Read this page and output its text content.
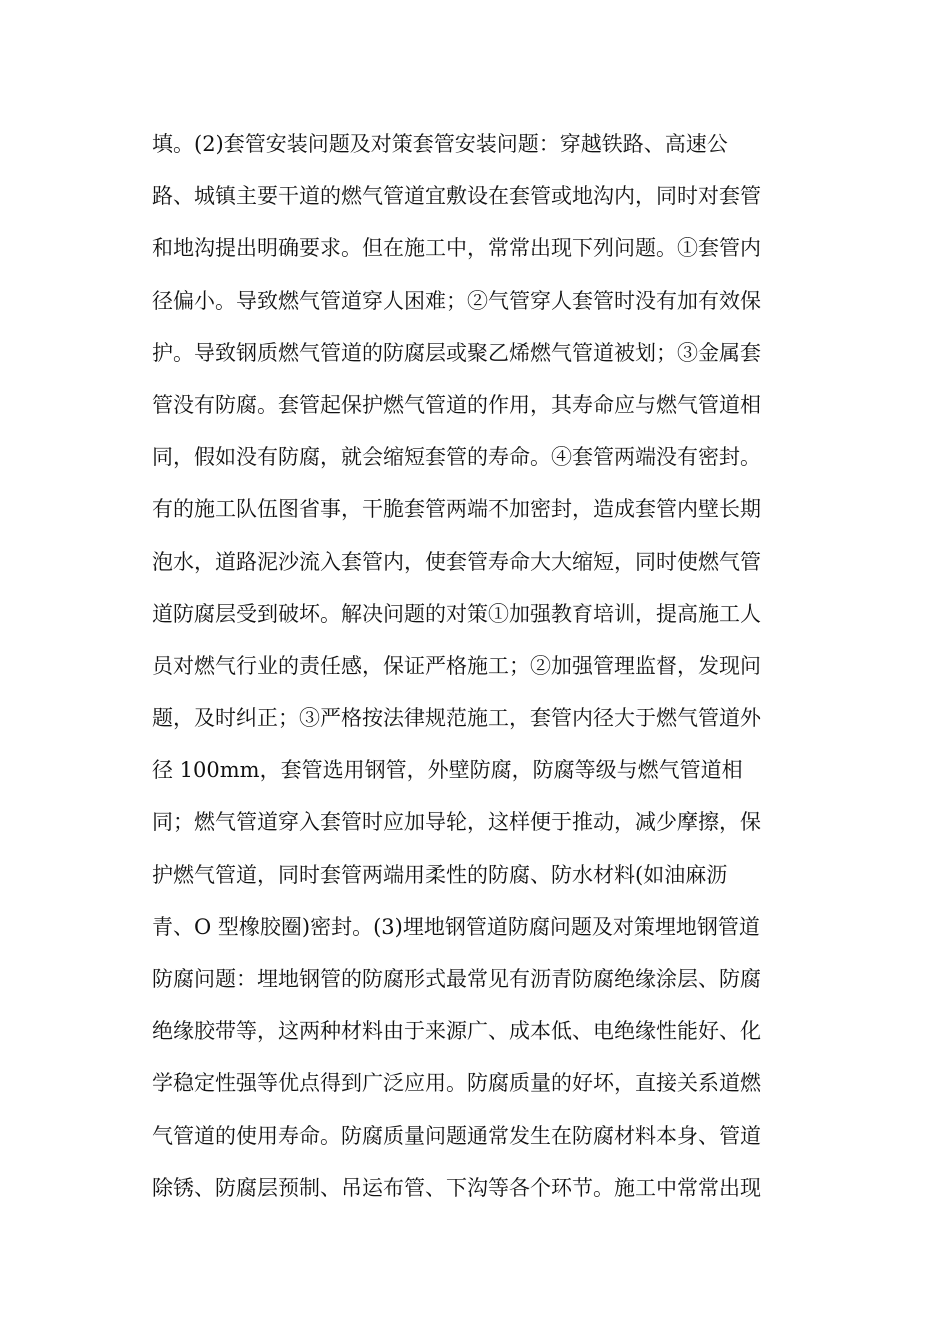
填。(2)套管安装问题及对策套管安装问题：穿越铁路、高速公
路、城镇主要干道的燃气管道宜敷设在套管或地沟内，同时对套管
和地沟提出明确要求。但在施工中，常常出现下列问题。①套管内
径偏小。导致燃气管道穿人困难；②气管穿人套管时没有加有效保
护。导致钢质燃气管道的防腐层或聚乙烯燃气管道被划；③金属套
管没有防腐。套管起保护燃气管道的作用，其寿命应与燃气管道相
同，假如没有防腐，就会缩短套管的寿命。④套管两端没有密封。
有的施工队伍图省事，干脆套管两端不加密封，造成套管内壁长期
泡水，道路泥沙流入套管内，使套管寿命大大缩短，同时使燃气管
道防腐层受到破坏。解决问题的对策①加强教育培训，提高施工人
员对燃气行业的责任感，保证严格施工；②加强管理监督，发现问
题，及时纠正；③严格按法律规范施工，套管内径大于燃气管道外
径 100mm，套管选用钢管，外壁防腐，防腐等级与燃气管道相
同；燃气管道穿入套管时应加导轮，这样便于推动，减少摩擦，保
护燃气管道，同时套管两端用柔性的防腐、防水材料(如油麻沥
青、O 型橡胶圈)密封。(3)埋地钢管道防腐问题及对策埋地钢管道
防腐问题：埋地钢管的防腐形式最常见有沥青防腐绝缘涂层、防腐
绝缘胶带等，这两种材料由于来源广、成本低、电绝缘性能好、化
学稳定性强等优点得到广泛应用。防腐质量的好坏，直接关系道燃
气管道的使用寿命。防腐质量问题通常发生在防腐材料本身、管道
除锈、防腐层预制、吊运布管、下沟等各个环节。施工中常常出现
